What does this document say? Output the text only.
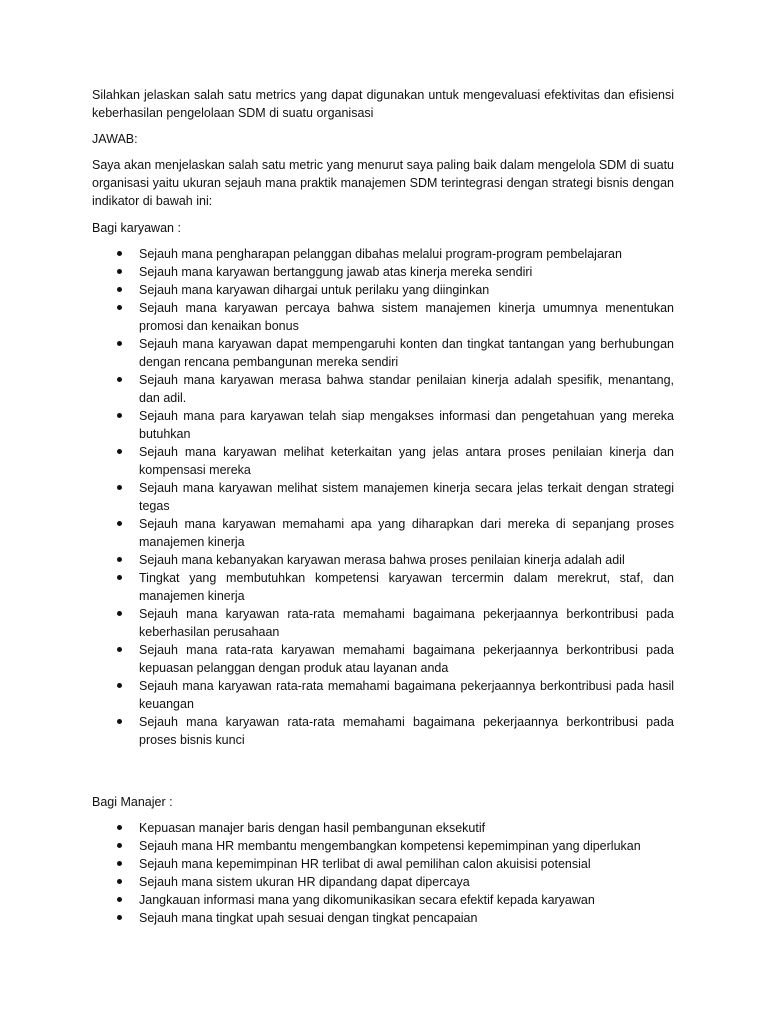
Silahkan jelaskan salah satu metrics yang dapat digunakan untuk mengevaluasi efektivitas dan efisiensi keberhasilan pengelolaan SDM di suatu organisasi

JAWAB:

Saya akan menjelaskan salah satu metric yang menurut saya paling baik dalam mengelola SDM di suatu organisasi yaitu ukuran sejauh mana praktik manajemen SDM terintegrasi dengan strategi bisnis dengan indikator di bawah ini:

Bagi karyawan :

Sejauh mana pengharapan pelanggan dibahas melalui program-program pembelajaran
Sejauh mana karyawan bertanggung jawab atas kinerja mereka sendiri
Sejauh mana karyawan dihargai untuk perilaku yang diinginkan
Sejauh mana karyawan percaya bahwa sistem manajemen kinerja umumnya menentukan promosi dan kenaikan bonus
Sejauh mana karyawan dapat mempengaruhi konten dan tingkat tantangan yang berhubungan dengan rencana pembangunan mereka sendiri
Sejauh mana karyawan merasa bahwa standar penilaian kinerja adalah spesifik, menantang, dan adil.
Sejauh mana para karyawan telah siap mengakses informasi dan pengetahuan yang mereka butuhkan
Sejauh mana karyawan melihat keterkaitan yang jelas antara proses penilaian kinerja dan kompensasi mereka
Sejauh mana karyawan melihat sistem manajemen kinerja secara jelas terkait dengan strategi tegas
Sejauh mana karyawan memahami apa yang diharapkan dari mereka di sepanjang proses manajemen kinerja
Sejauh mana kebanyakan karyawan merasa bahwa proses penilaian kinerja adalah adil
Tingkat yang membutuhkan kompetensi karyawan tercermin dalam merekrut, staf, dan manajemen kinerja
Sejauh mana karyawan rata-rata memahami bagaimana pekerjaannya berkontribusi pada keberhasilan perusahaan
Sejauh mana rata-rata karyawan memahami bagaimana pekerjaannya berkontribusi pada kepuasan pelanggan dengan produk atau layanan anda
Sejauh mana karyawan rata-rata memahami bagaimana pekerjaannya berkontribusi pada hasil keuangan
Sejauh mana karyawan rata-rata memahami bagaimana pekerjaannya berkontribusi pada proses bisnis kunci

Bagi Manajer :

Kepuasan manajer baris dengan hasil pembangunan eksekutif
Sejauh mana HR membantu mengembangkan kompetensi kepemimpinan yang diperlukan
Sejauh mana kepemimpinan HR terlibat di awal pemilihan calon akuisisi potensial
Sejauh mana sistem ukuran HR dipandang dapat dipercaya
Jangkauan informasi mana yang dikomunikasikan secara efektif kepada karyawan
Sejauh mana tingkat upah sesuai dengan tingkat pencapaian
